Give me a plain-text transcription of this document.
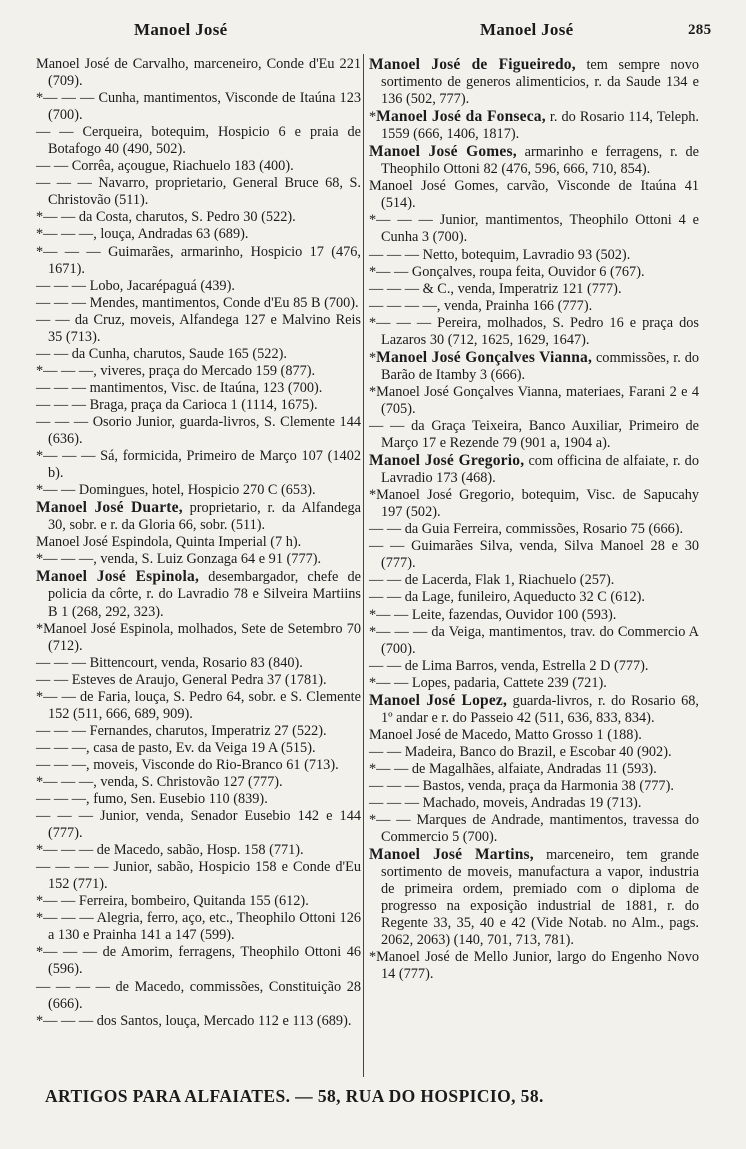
Manoel José	Manoel José	285

Manoel José de Carvalho, marceneiro, Conde d'Eu 221 (709).

*— — — Cunha, mantimentos, Visconde de Itaúna 123 (700).

— — Cerqueira, botequim, Hospicio 6 e praia de Botafogo 40 (490, 502).

— — Corrêa, açougue, Riachuelo 183 (400).

— — — Navarro, proprietario, General Bruce 68, S. Christovão (511).

*— — da Costa, charutos, S. Pedro 30 (522).

*— — —, louça, Andradas 63 (689).

*— — — Guimarães, armarinho, Hospicio 17 (476, 1671).

— — — Lobo, Jacarépaguá (439).

— — — Mendes, mantimentos, Conde d'Eu 85 B (700).

— — da Cruz, moveis, Alfandega 127 e Malvino Reis 35 (713).

— — da Cunha, charutos, Saude 165 (522).

*— — —, viveres, praça do Mercado 159 (877).

— — — mantimentos, Visc. de Itaúna, 123 (700).

— — — Braga, praça da Carioca 1 (1114, 1675).

— — — Osorio Junior, guarda-livros, S. Clemente 144 (636).

*— — — Sá, formicida, Primeiro de Março 107 (1402 b).

*— — Domingues, hotel, Hospicio 270 C (653).

Manoel José Duarte, proprietario, r. da Alfandega 30, sobr. e r. da Gloria 66, sobr. (511).

Manoel José Espindola, Quinta Imperial (7 h).

*— — —, venda, S. Luiz Gonzaga 64 e 91 (777).

Manoel José Espinola, desembargador, chefe de policia da côrte, r. do Lavradio 78 e Silveira Martiins B 1 (268, 292, 323).

*Manoel José Espinola, molhados, Sete de Setembro 70 (712).

— — — Bittencourt, venda, Rosario 83 (840).

— — Esteves de Araujo, General Pedra 37 (1781).

*— — de Faria, louça, S. Pedro 64, sobr. e S. Clemente 152 (511, 666, 689, 909).

— — — Fernandes, charutos, Imperatriz 27 (522).

— — —, casa de pasto, Ev. da Veiga 19 A (515).

— — —, moveis, Visconde do Rio-Branco 61 (713).

*— — —, venda, S. Christovão 127 (777).

— — —, fumo, Sen. Eusebio 110 (839).

— — — Junior, venda, Senador Eusebio 142 e 144 (777).

*— — — de Macedo, sabão, Hosp. 158 (771).

— — — — Junior, sabão, Hospicio 158 e Conde d'Eu 152 (771).

*— — Ferreira, bombeiro, Quitanda 155 (612).

*— — — Alegria, ferro, aço, etc., Theophilo Ottoni 126 a 130 e Prainha 141 a 147 (599).

*— — — de Amorim, ferragens, Theophilo Ottoni 46 (596).

— — — — de Macedo, commissões, Constituição 28 (666).

*— — — dos Santos, louça, Mercado 112 e 113 (689).

Manoel José de Figueiredo, tem sempre novo sortimento de generos alimenticios, r. da Saude 134 e 136 (502, 777).

*Manoel José da Fonseca, r. do Rosario 114, Teleph. 1559 (666, 1406, 1817).

Manoel José Gomes, armarinho e ferragens, r. de Theophilo Ottoni 82 (476, 596, 666, 710, 854).

Manoel José Gomes, carvão, Visconde de Itaúna 41 (514).

*— — — Junior, mantimentos, Theophilo Ottoni 4 e Cunha 3 (700).

— — — Netto, botequim, Lavradio 93 (502).

*— — Gonçalves, roupa feita, Ouvidor 6 (767).

— — — & C., venda, Imperatriz 121 (777).

— — — —, venda, Prainha 166 (777).

*— — — Pereira, molhados, S. Pedro 16 e praça dos Lazaros 30 (712, 1625, 1629, 1647).

*Manoel José Gonçalves Vianna, commissões, r. do Barão de Itamby 3 (666).

*Manoel José Gonçalves Vianna, materiaes, Farani 2 e 4 (705).

— — da Graça Teixeira, Banco Auxiliar, Primeiro de Março 17 e Rezende 79 (901 a, 1904 a).

Manoel José Gregorio, com officina de alfaiate, r. do Lavradio 173 (468).

*Manoel José Gregorio, botequim, Visc. de Sapucahy 197 (502).

— — da Guia Ferreira, commissões, Rosario 75 (666).

— — Guimarães Silva, venda, Silva Manoel 28 e 30 (777).

— — de Lacerda, Flak 1, Riachuelo (257).

— — da Lage, funileiro, Aqueducto 32 C (612).

*— — Leite, fazendas, Ouvidor 100 (593).

*— — — da Veiga, mantimentos, trav. do Commercio A (700).

— — de Lima Barros, venda, Estrella 2 D (777).

*— — Lopes, padaria, Cattete 239 (721).

Manoel José Lopez, guarda-livros, r. do Rosario 68, 1º andar e r. do Passeio 42 (511, 636, 833, 834).

Manoel José de Macedo, Matto Grosso 1 (188).

— — Madeira, Banco do Brazil, e Escobar 40 (902).

*— — de Magalhães, alfaiate, Andradas 11 (593).

— — — Bastos, venda, praça da Harmonia 38 (777).

— — — Machado, moveis, Andradas 19 (713).

*— — Marques de Andrade, mantimentos, travessa do Commercio 5 (700).

Manoel José Martins, marceneiro, tem grande sortimento de moveis, manufactura a vapor, industria de primeira ordem, premiado com o diploma de progresso na exposição industrial de 1881, r. do Regente 33, 35, 40 e 42 (Vide Notab. no Alm., pags. 2062, 2063) (140, 701, 713, 781).

*Manoel José de Mello Junior, largo do Engenho Novo 14 (777).

ARTIGOS PARA ALFAIATES. — 58, RUA DO HOSPICIO, 58.
